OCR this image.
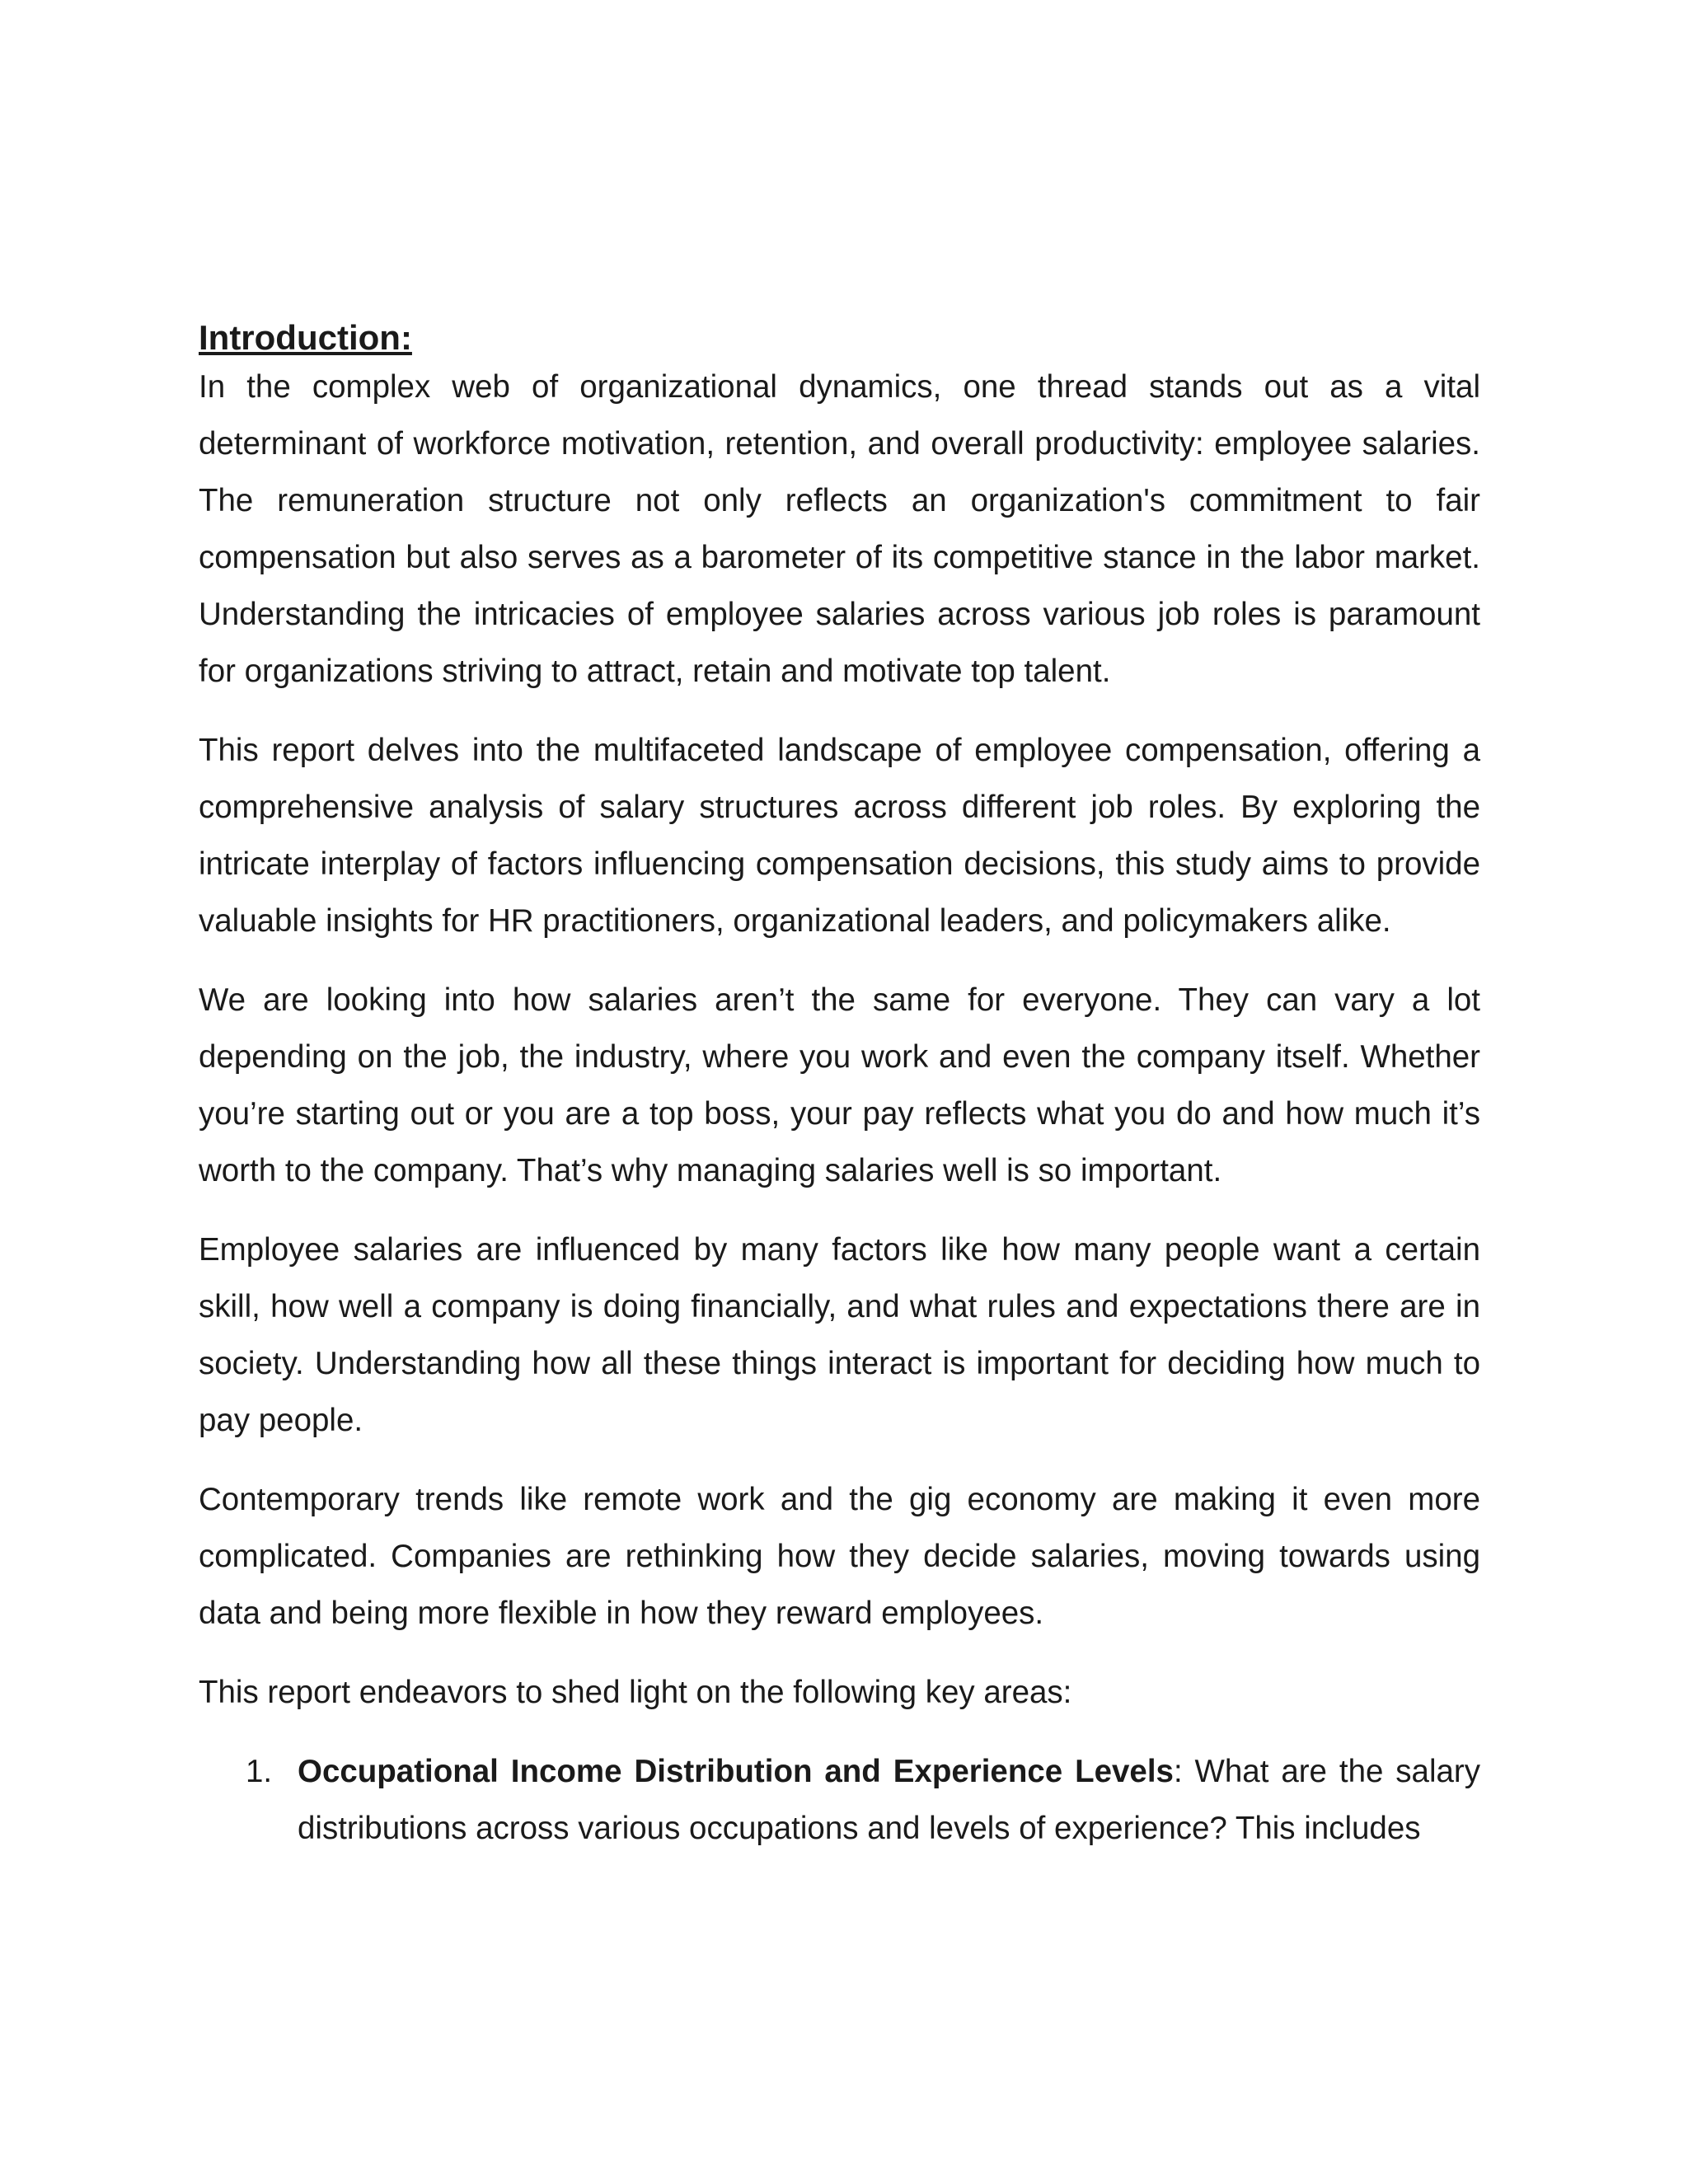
Introduction:

In the complex web of organizational dynamics, one thread stands out as a vital determinant of workforce motivation, retention, and overall productivity: employee salaries. The remuneration structure not only reflects an organization's commitment to fair compensation but also serves as a barometer of its competitive stance in the labor market. Understanding the intricacies of employee salaries across various job roles is paramount for organizations striving to attract, retain and motivate top talent.

This report delves into the multifaceted landscape of employee compensation, offering a comprehensive analysis of salary structures across different job roles. By exploring the intricate interplay of factors influencing compensation decisions, this study aims to provide valuable insights for HR practitioners, organizational leaders, and policymakers alike.

We are looking into how salaries aren’t the same for everyone. They can vary a lot depending on the job, the industry, where you work and even the company itself. Whether you’re starting out or you are a top boss, your pay reflects what you do and how much it’s worth to the company. That’s why managing salaries well is so important.

Employee salaries are influenced by many factors like how many people want a certain skill, how well a company is doing financially, and what rules and expectations there are in society. Understanding how all these things interact is important for deciding how much to pay people.

Contemporary trends like remote work and the gig economy are making it even more complicated. Companies are rethinking how they decide salaries, moving towards using data and being more flexible in how they reward employees.

This report endeavors to shed light on the following key areas:

1. Occupational Income Distribution and Experience Levels: What are the salary distributions across various occupations and levels of experience? This includes
